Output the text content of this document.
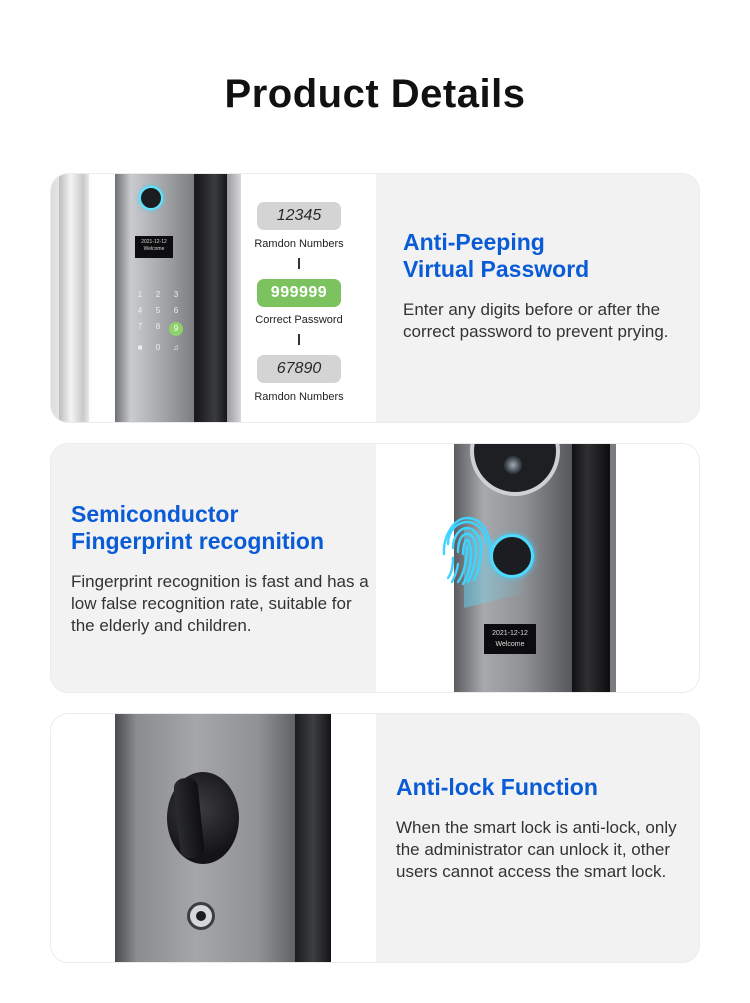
Product Details
2021-12-12
Welcome
1	2	3
4	5	6
7	8	9
■	0	♫
12345
Ramdon Numbers
999999
Correct Password
67890
Ramdon Numbers
Anti-Peeping
Virtual Password

Enter any digits before or after the correct password to prevent prying.

Semiconductor
Fingerprint recognition

Fingerprint recognition is fast and has a low false recognition rate, suitable for the elderly and children.	2021-12-12
Welcome
Anti-lock Function

When the smart lock is anti-lock, only the administrator can unlock it, other users cannot access the smart lock.
